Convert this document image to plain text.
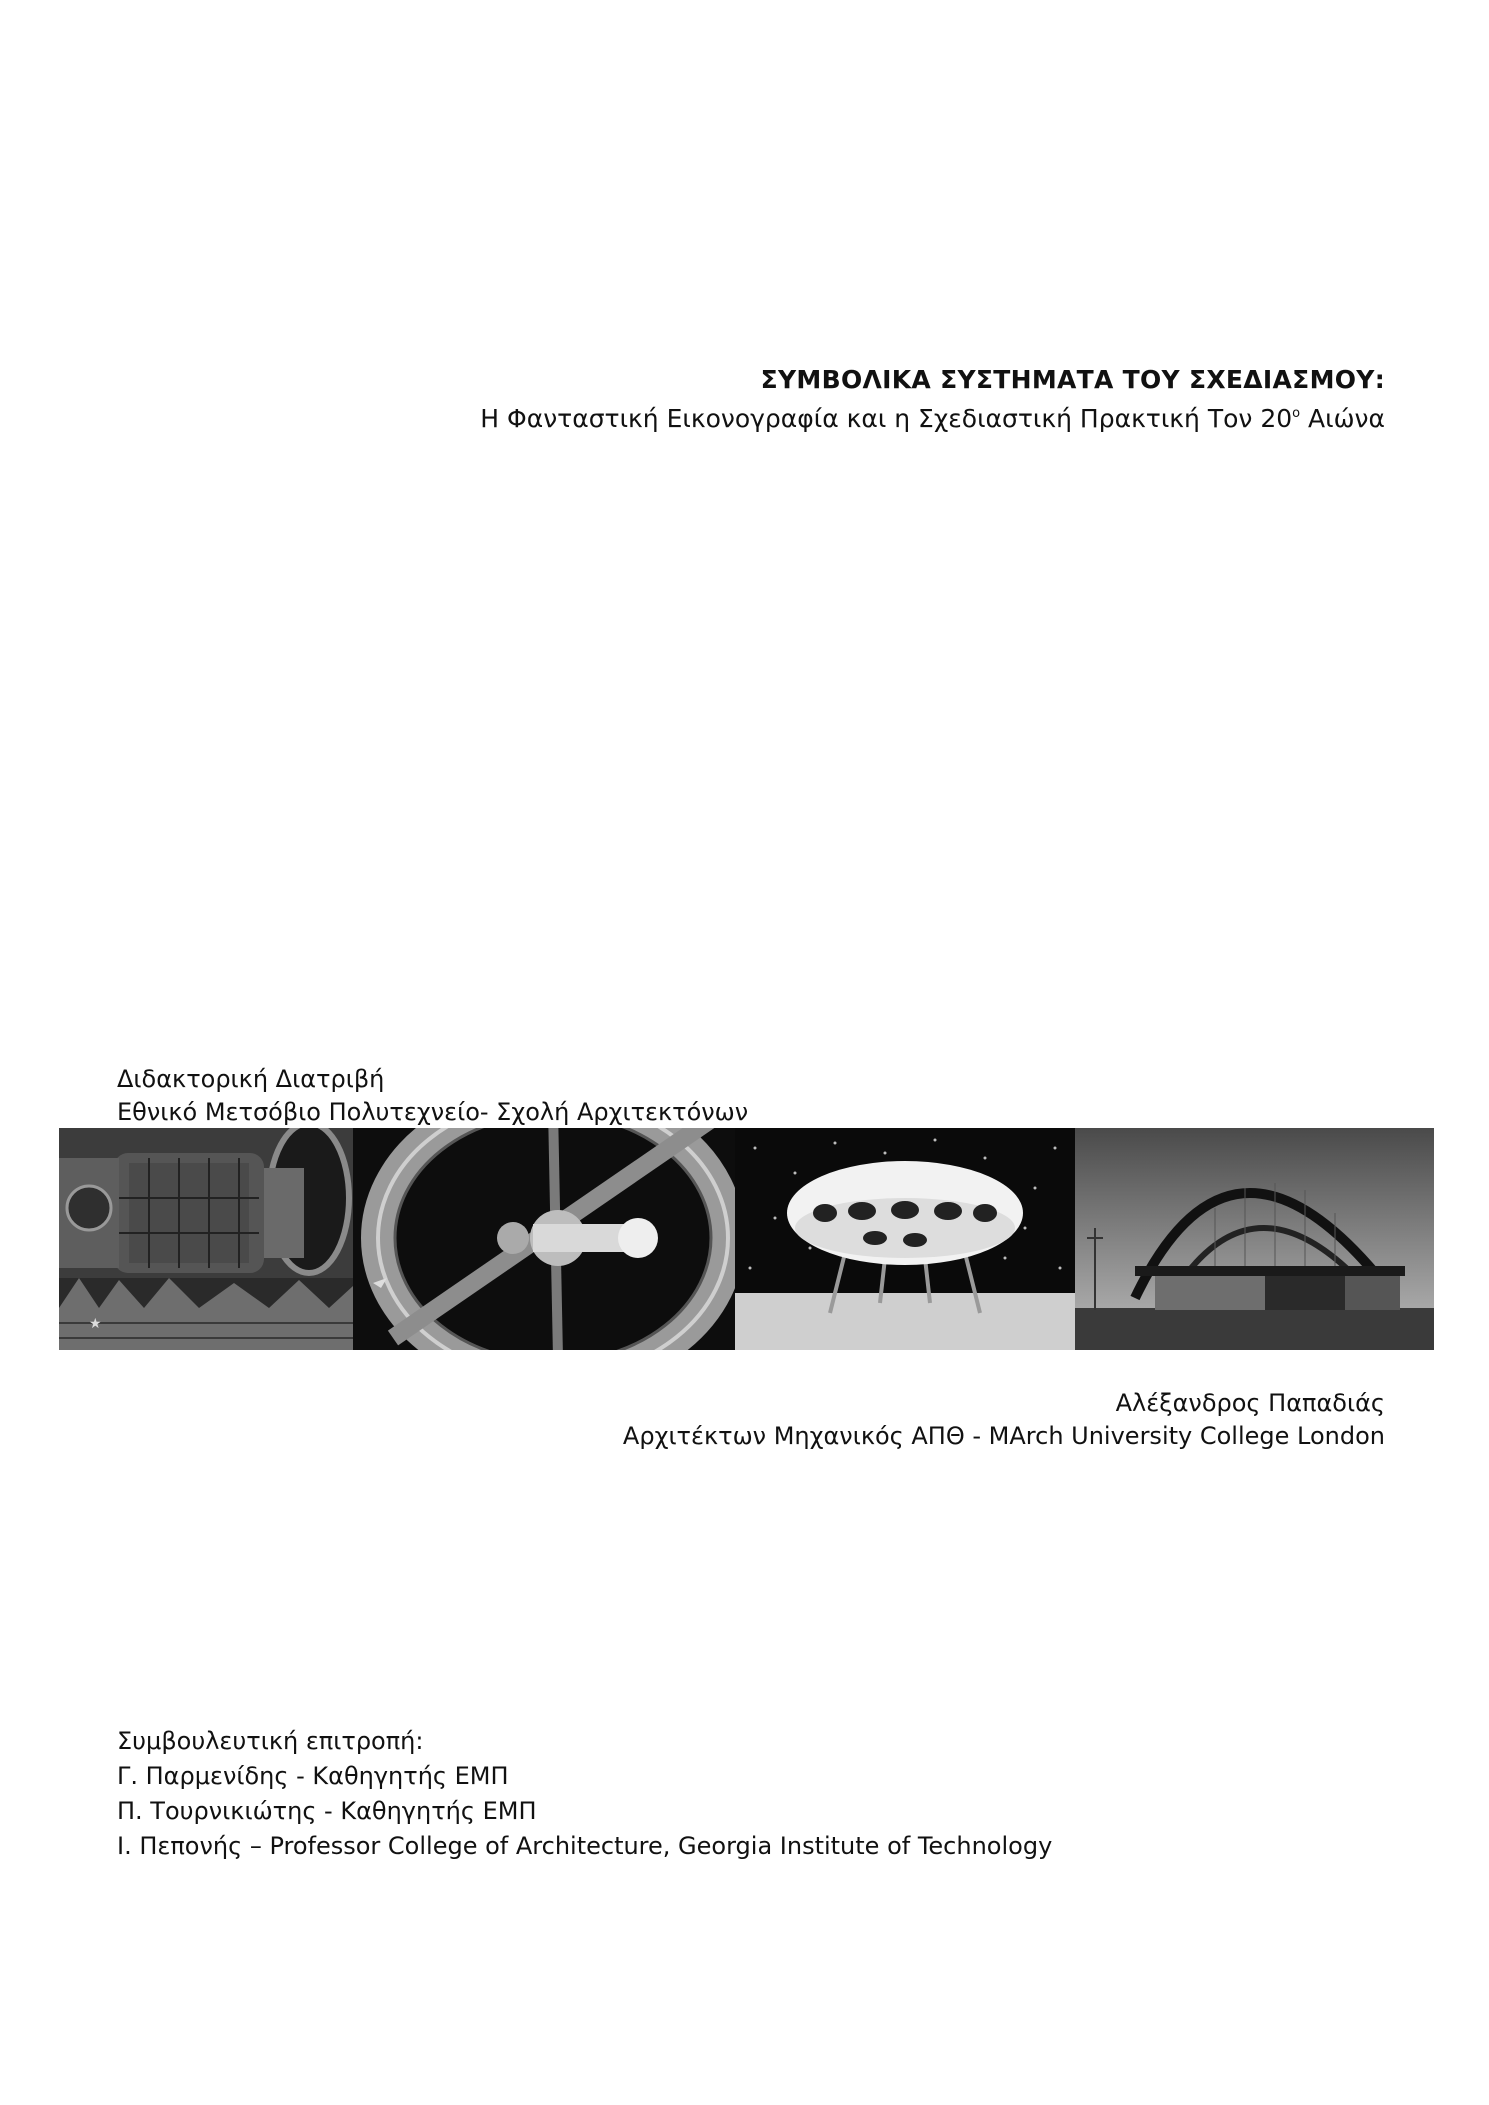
ΣΥΜΒΟΛΙΚΑ ΣΥΣΤΗΜΑΤΑ ΤΟΥ ΣΧΕΔΙΑΣΜΟΥ:

Η Φανταστική Εικονογραφία και η Σχεδιαστική Πρακτική Τον $20^o$ Αιώνα

Διδακτορική Διατριβή
Εθνικό Μετσόβιο Πολυτεχνείο- Σχολή Αρχιτεκτόνων
★
Αλέξανδρος Παπαδιάς
Αρχιτέκτων Μηχανικός ΑΠΘ - MArch University College London
Συμβουλευτική επιτροπή:
Γ. Παρμενίδης - Καθηγητής ΕΜΠ
Π. Τουρνικιώτης - Καθηγητής ΕΜΠ
Ι. Πεπονής – Professor College of Architecture, Georgia Institute of Technology
